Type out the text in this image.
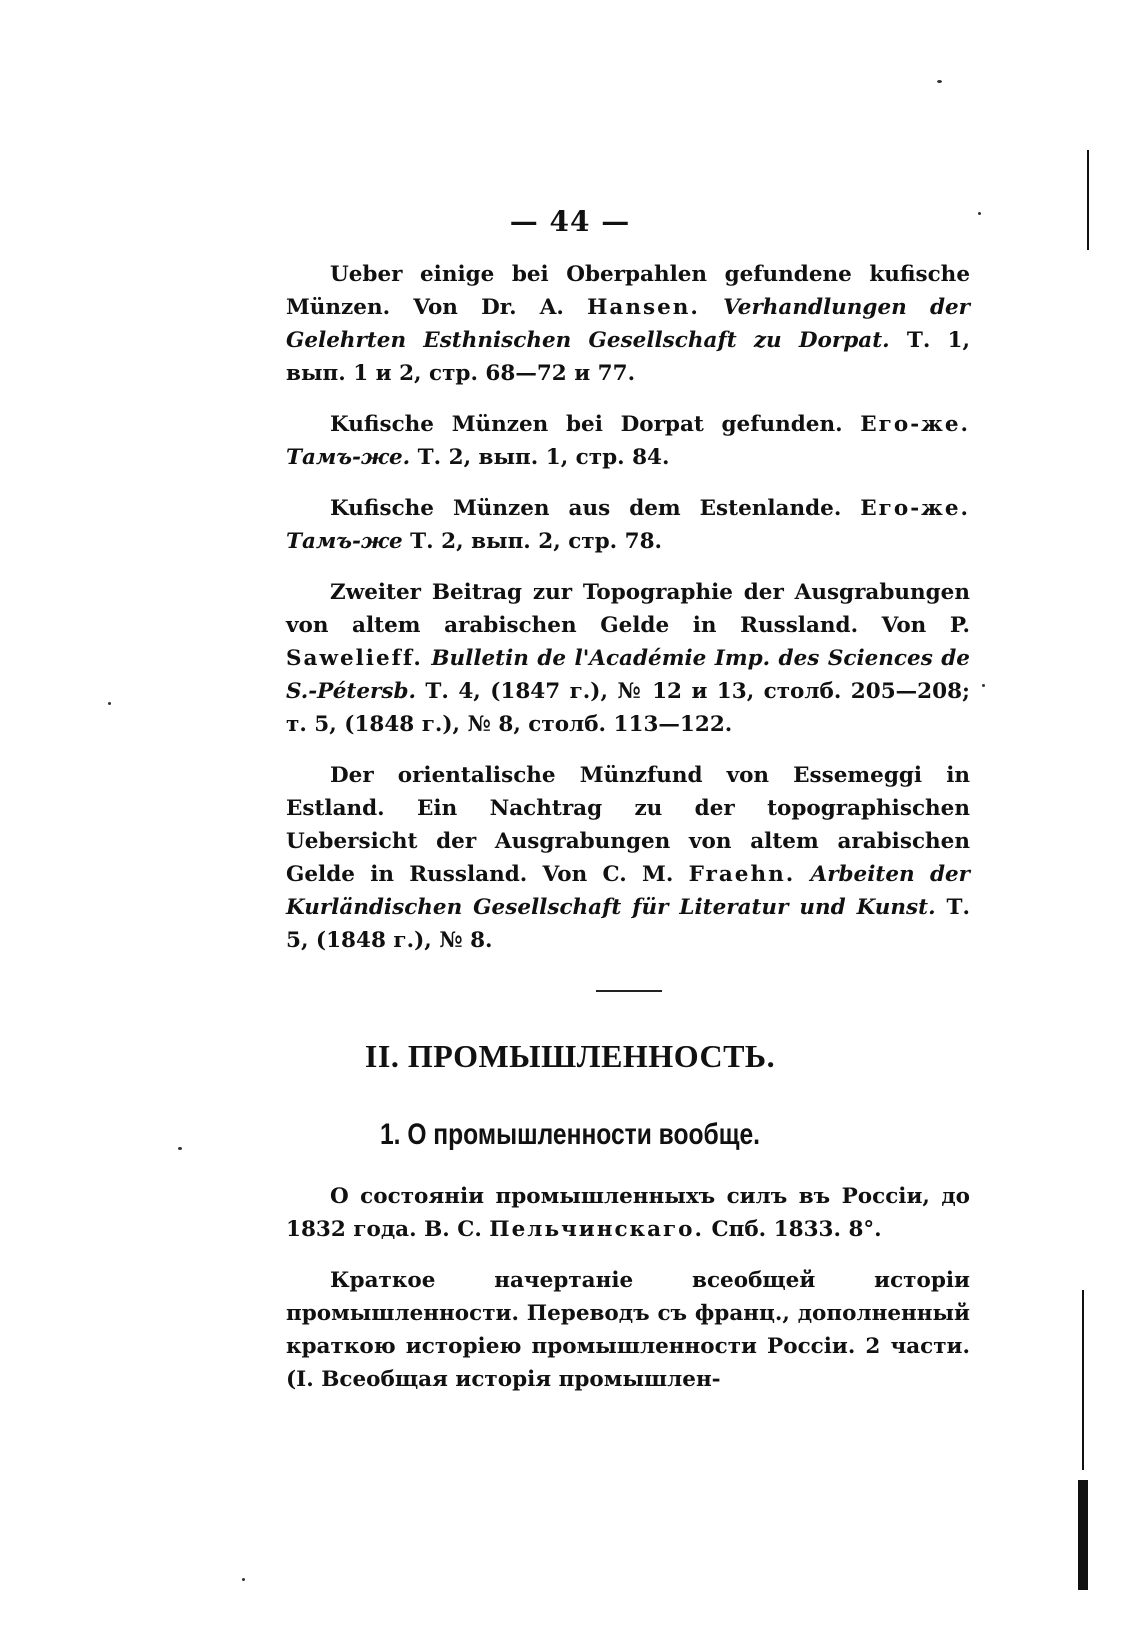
— 44 —

Ueber einige bei Oberpahlen gefundene kufische Münzen. Von Dr. A. Hansen. Verhandlungen der Gelehrten Esthnischen Gesellschaft zu Dorpat. Т. 1, вып. 1 и 2, стр. 68—72 и 77.

Kufische Münzen bei Dorpat gefunden. Его-же. Тамъ-же. Т. 2, вып. 1, стр. 84.

Kufische Münzen aus dem Estenlande. Его-же. Тамъ-же Т. 2, вып. 2, стр. 78.

Zweiter Beitrag zur Topographie der Ausgrabungen von altem arabischen Gelde in Russland. Von P. Sawelieff. Bulletin de l'Académie Imp. des Sciences de S.-Pétersb. Т. 4, (1847 г.), № 12 и 13, столб. 205—208; т. 5, (1848 г.), № 8, столб. 113—122.

Der orientalische Münzfund von Essemeggi in Estland. Ein Nachtrag zu der topographischen Uebersicht der Ausgrabungen von altem arabischen Gelde in Russland. Von C. M. Fraehn. Arbeiten der Kurländischen Gesellschaft für Literatur und Kunst. Т. 5, (1848 г.), № 8.

II. ПРОМЫШЛЕННОСТЬ.
1. О промышленности вообще.

О состояніи промышленныхъ силъ въ Россіи, до 1832 года. В. С. Пельчинскаго. Спб. 1833. 8°.

Краткое начертаніе всеобщей исторіи промышленности. Переводъ съ франц., дополненный краткою исторіею промышленности Россіи. 2 части. (I. Всеобщая исторія промышлен-
